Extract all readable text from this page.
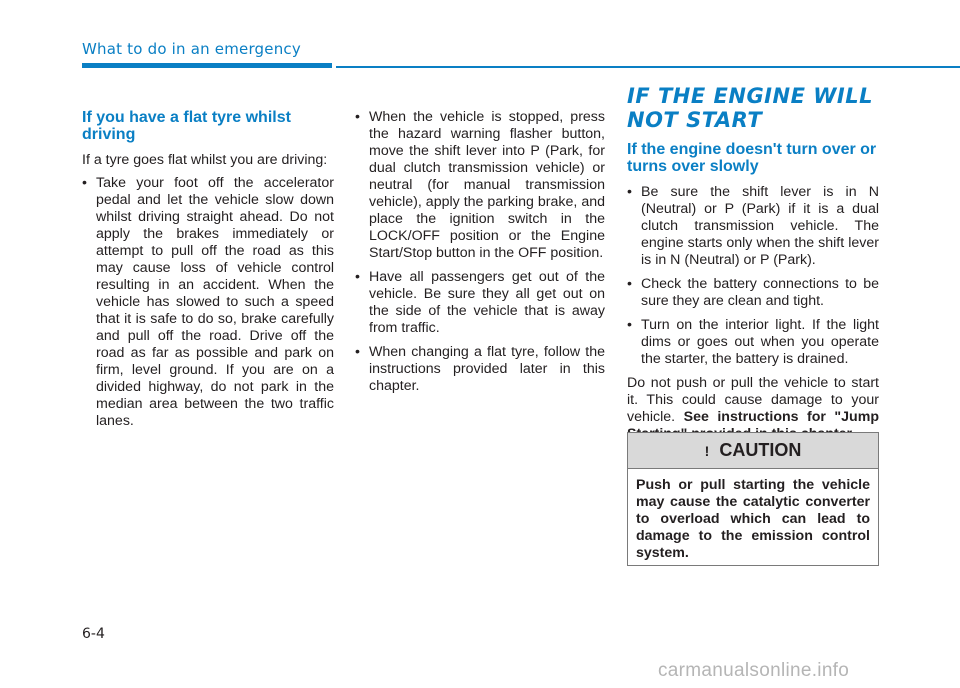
What to do in an emergency
If you have a flat tyre whilst driving

If a tyre goes flat whilst you are driving:

• Take your foot off the accelerator pedal and let the vehicle slow down whilst driving straight ahead. Do not apply the brakes immediately or attempt to pull off the road as this may cause loss of vehicle control resulting in an accident. When the vehicle has slowed to such a speed that it is safe to do so, brake carefully and pull off the road. Drive off the road as far as possible and park on firm, level ground. If you are on a divided highway, do not park in the median area between the two traffic lanes.
• When the vehicle is stopped, press the hazard warning flasher button, move the shift lever into P (Park, for dual clutch transmission vehicle) or neutral (for manual transmission vehicle), apply the parking brake, and place the ignition switch in the LOCK/OFF position or the Engine Start/Stop button in the OFF position.
• Have all passengers get out of the vehicle. Be sure they all get out on the side of the vehicle that is away from traffic.
• When changing a flat tyre, follow the instructions provided later in this chapter.
IF THE ENGINE WILL NOT START
If the engine doesn't turn over or turns over slowly
• Be sure the shift lever is in N (Neutral) or P (Park) if it is a dual clutch transmission vehicle. The engine starts only when the shift lever is in N (Neutral) or P (Park).
• Check the battery connections to be sure they are clean and tight.
• Turn on the interior light. If the light dims or goes out when you operate the starter, the battery is drained.

Do not push or pull the vehicle to start it. This could cause damage to your vehicle. See instructions for "Jump

! CAUTION
Push or pull starting the vehicle may cause the catalytic converter to overload which can lead to damage to the emission control system.
6-4
carmanualsonline.info
